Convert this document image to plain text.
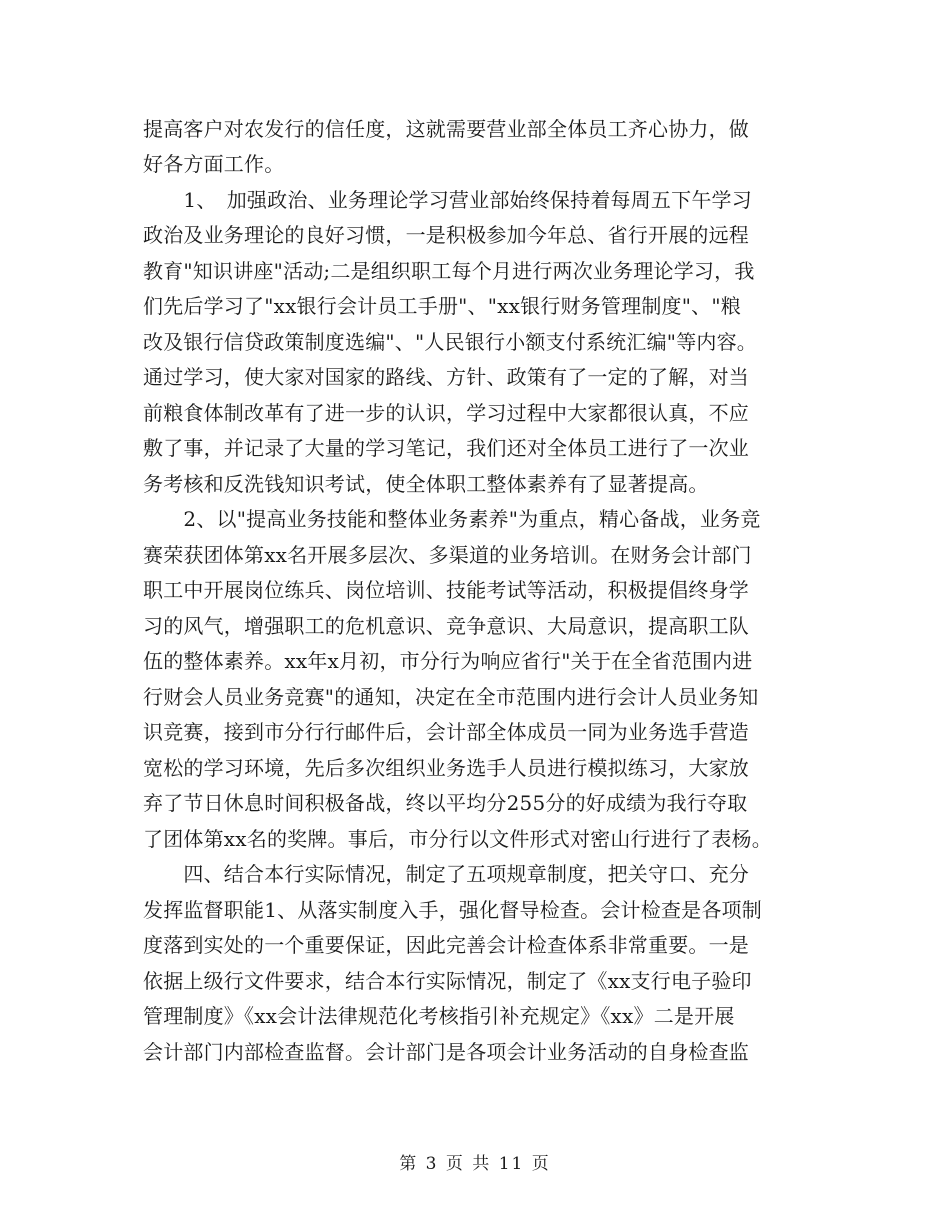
提高客户对农发行的信任度，这就需要营业部全体员工齐心协力，做
好各方面工作。
　　1、　加强政治、业务理论学习营业部始终保持着每周五下午学习
政治及业务理论的良好习惯，一是积极参加今年总、省行开展的远程
教育"知识讲座"活动;二是组织职工每个月进行两次业务理论学习，我
们先后学习了"xx银行会计员工手册"、"xx银行财务管理制度"、"粮
改及银行信贷政策制度选编"、"人民银行小额支付系统汇编"等内容。
通过学习，使大家对国家的路线、方针、政策有了一定的了解，对当
前粮食体制改革有了进一步的认识，学习过程中大家都很认真，不应
敷了事，并记录了大量的学习笔记，我们还对全体员工进行了一次业
务考核和反洗钱知识考试，使全体职工整体素养有了显著提高。
　　2、以"提高业务技能和整体业务素养"为重点，精心备战，业务竞
赛荣获团体第xx名开展多层次、多渠道的业务培训。在财务会计部门
职工中开展岗位练兵、岗位培训、技能考试等活动，积极提倡终身学
习的风气，增强职工的危机意识、竞争意识、大局意识，提高职工队
伍的整体素养。xx年x月初，市分行为响应省行"关于在全省范围内进
行财会人员业务竞赛"的通知，决定在全市范围内进行会计人员业务知
识竞赛，接到市分行行邮件后，会计部全体成员一同为业务选手营造
宽松的学习环境，先后多次组织业务选手人员进行模拟练习，大家放
弃了节日休息时间积极备战，终以平均分255分的好成绩为我行夺取
了团体第xx名的奖牌。事后，市分行以文件形式对密山行进行了表杨。
　　四、结合本行实际情况，制定了五项规章制度，把关守口、充分
发挥监督职能1、从落实制度入手，强化督导检查。会计检查是各项制
度落到实处的一个重要保证，因此完善会计检查体系非常重要。一是
依据上级行文件要求，结合本行实际情况，制定了《xx支行电子验印
管理制度》《xx会计法律规范化考核指引补充规定》《xx》二是开展
会计部门内部检查监督。会计部门是各项会计业务活动的自身检查监
第 3 页 共 11 页
